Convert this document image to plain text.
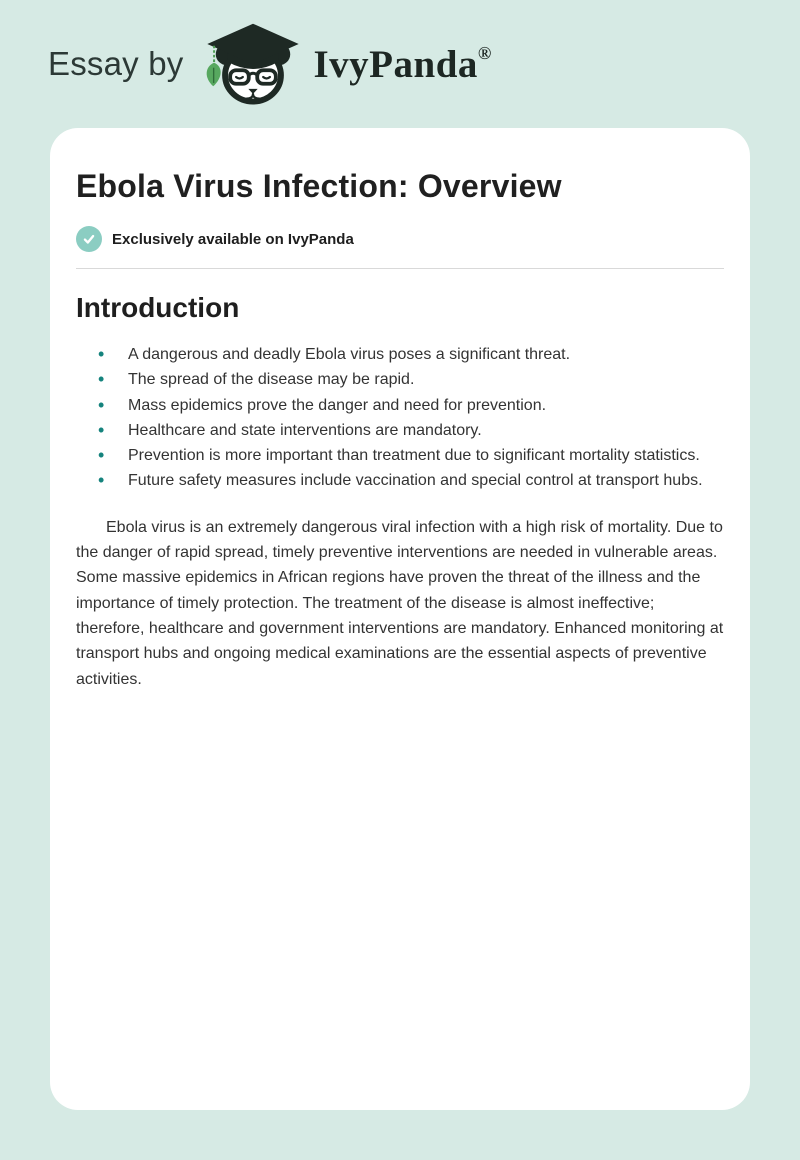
Essay by	IvyPanda®
Ebola Virus Infection: Overview
Exclusively available on IvyPanda
Introduction
• A dangerous and deadly Ebola virus poses a significant threat.
• The spread of the disease may be rapid.
• Mass epidemics prove the danger and need for prevention.
• Healthcare and state interventions are mandatory.
• Prevention is more important than treatment due to significant mortality statistics.
• Future safety measures include vaccination and special control at transport hubs.

Ebola virus is an extremely dangerous viral infection with a high risk of mortality. Due to the danger of rapid spread, timely preventive interventions are needed in vulnerable areas. Some massive epidemics in African regions have proven the threat of the illness and the importance of timely protection. The treatment of the disease is almost ineffective; therefore, healthcare and government interventions are mandatory. Enhanced monitoring at transport hubs and ongoing medical examinations are the essential aspects of preventive activities.
